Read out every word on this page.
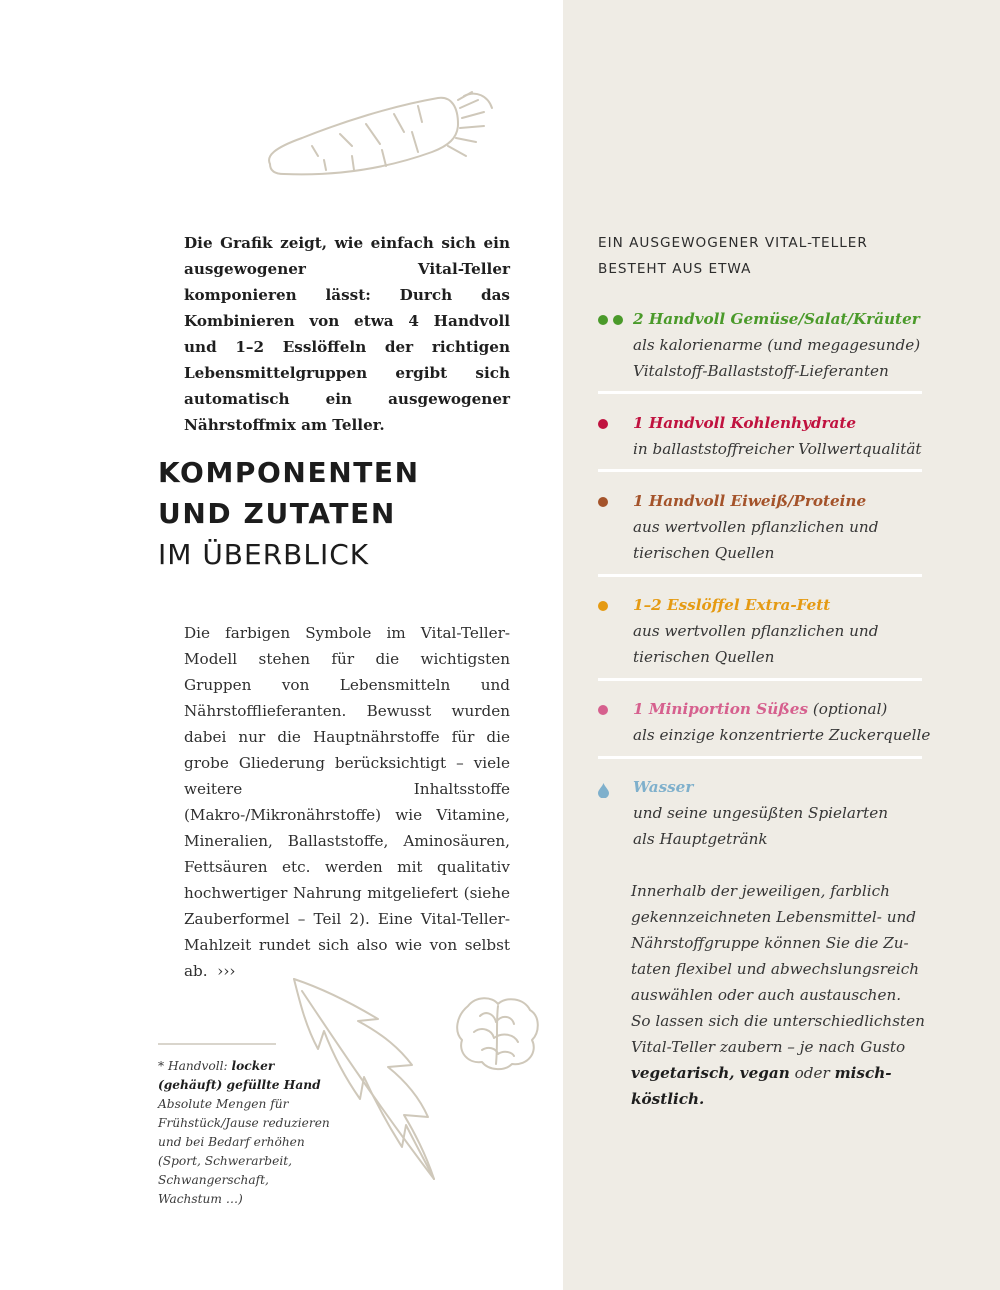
Die Grafik zeigt, wie einfach sich ein ausgewogener Vital-Teller komponieren lässt: Durch das Kombinieren von etwa 4 Handvoll und 1–2 Esslöffeln der richtigen Lebensmittelgruppen ergibt sich automatisch ein ausgewogener Nährstoffmix am Teller.
KOMPONENTEN
UND ZUTATEN
IM ÜBERBLICK
Die farbigen Symbole im Vital-Teller-Modell stehen für die wichtigsten Gruppen von Lebensmitteln und Nährstofflieferanten. Bewusst wurden dabei nur die Hauptnährstoffe für die grobe Gliederung berücksichtigt – viele weitere Inhaltsstoffe (Makro-/Mikronährstoffe) wie Vitamine, Mineralien, Ballaststoffe, Aminosäuren, Fettsäuren etc. werden mit qualitativ hochwertiger Nahrung mitgeliefert (siehe Zauberformel – Teil 2). Eine Vital-Teller-Mahlzeit rundet sich also wie von selbst ab. ›››
* Handvoll: locker (gehäuft) gefüllte Hand
Absolute Mengen für Frühstück/Jause reduzieren und bei Bedarf erhöhen (Sport, Schwerarbeit, Schwangerschaft, Wachstum …)
EIN AUSGEWOGENER VITAL-TELLER
BESTEHT AUS ETWA
2 Handvoll Gemüse/Salat/Kräuter
als kalorienarme (und megagesunde)
Vitalstoff-Ballaststoff-Lieferanten
1 Handvoll Kohlenhydrate
in ballaststoffreicher Vollwertqualität
1 Handvoll Eiweiß/Proteine
aus wertvollen pflanzlichen und
tierischen Quellen
1–2 Esslöffel Extra-Fett
aus wertvollen pflanzlichen und
tierischen Quellen
1 Miniportion Süßes (optional)
als einzige konzentrierte Zuckerquelle
Wasser
und seine ungesüßten Spielarten
als Hauptgetränk
Innerhalb der jeweiligen, farblich
gekennzeichneten Lebensmittel- und
Nährstoffgruppe können Sie die Zu-
taten flexibel und abwechslungsreich
auswählen oder auch austauschen.
So lassen sich die unterschiedlichsten
Vital-Teller zaubern – je nach Gusto
vegetarisch, vegan oder misch-
köstlich.
